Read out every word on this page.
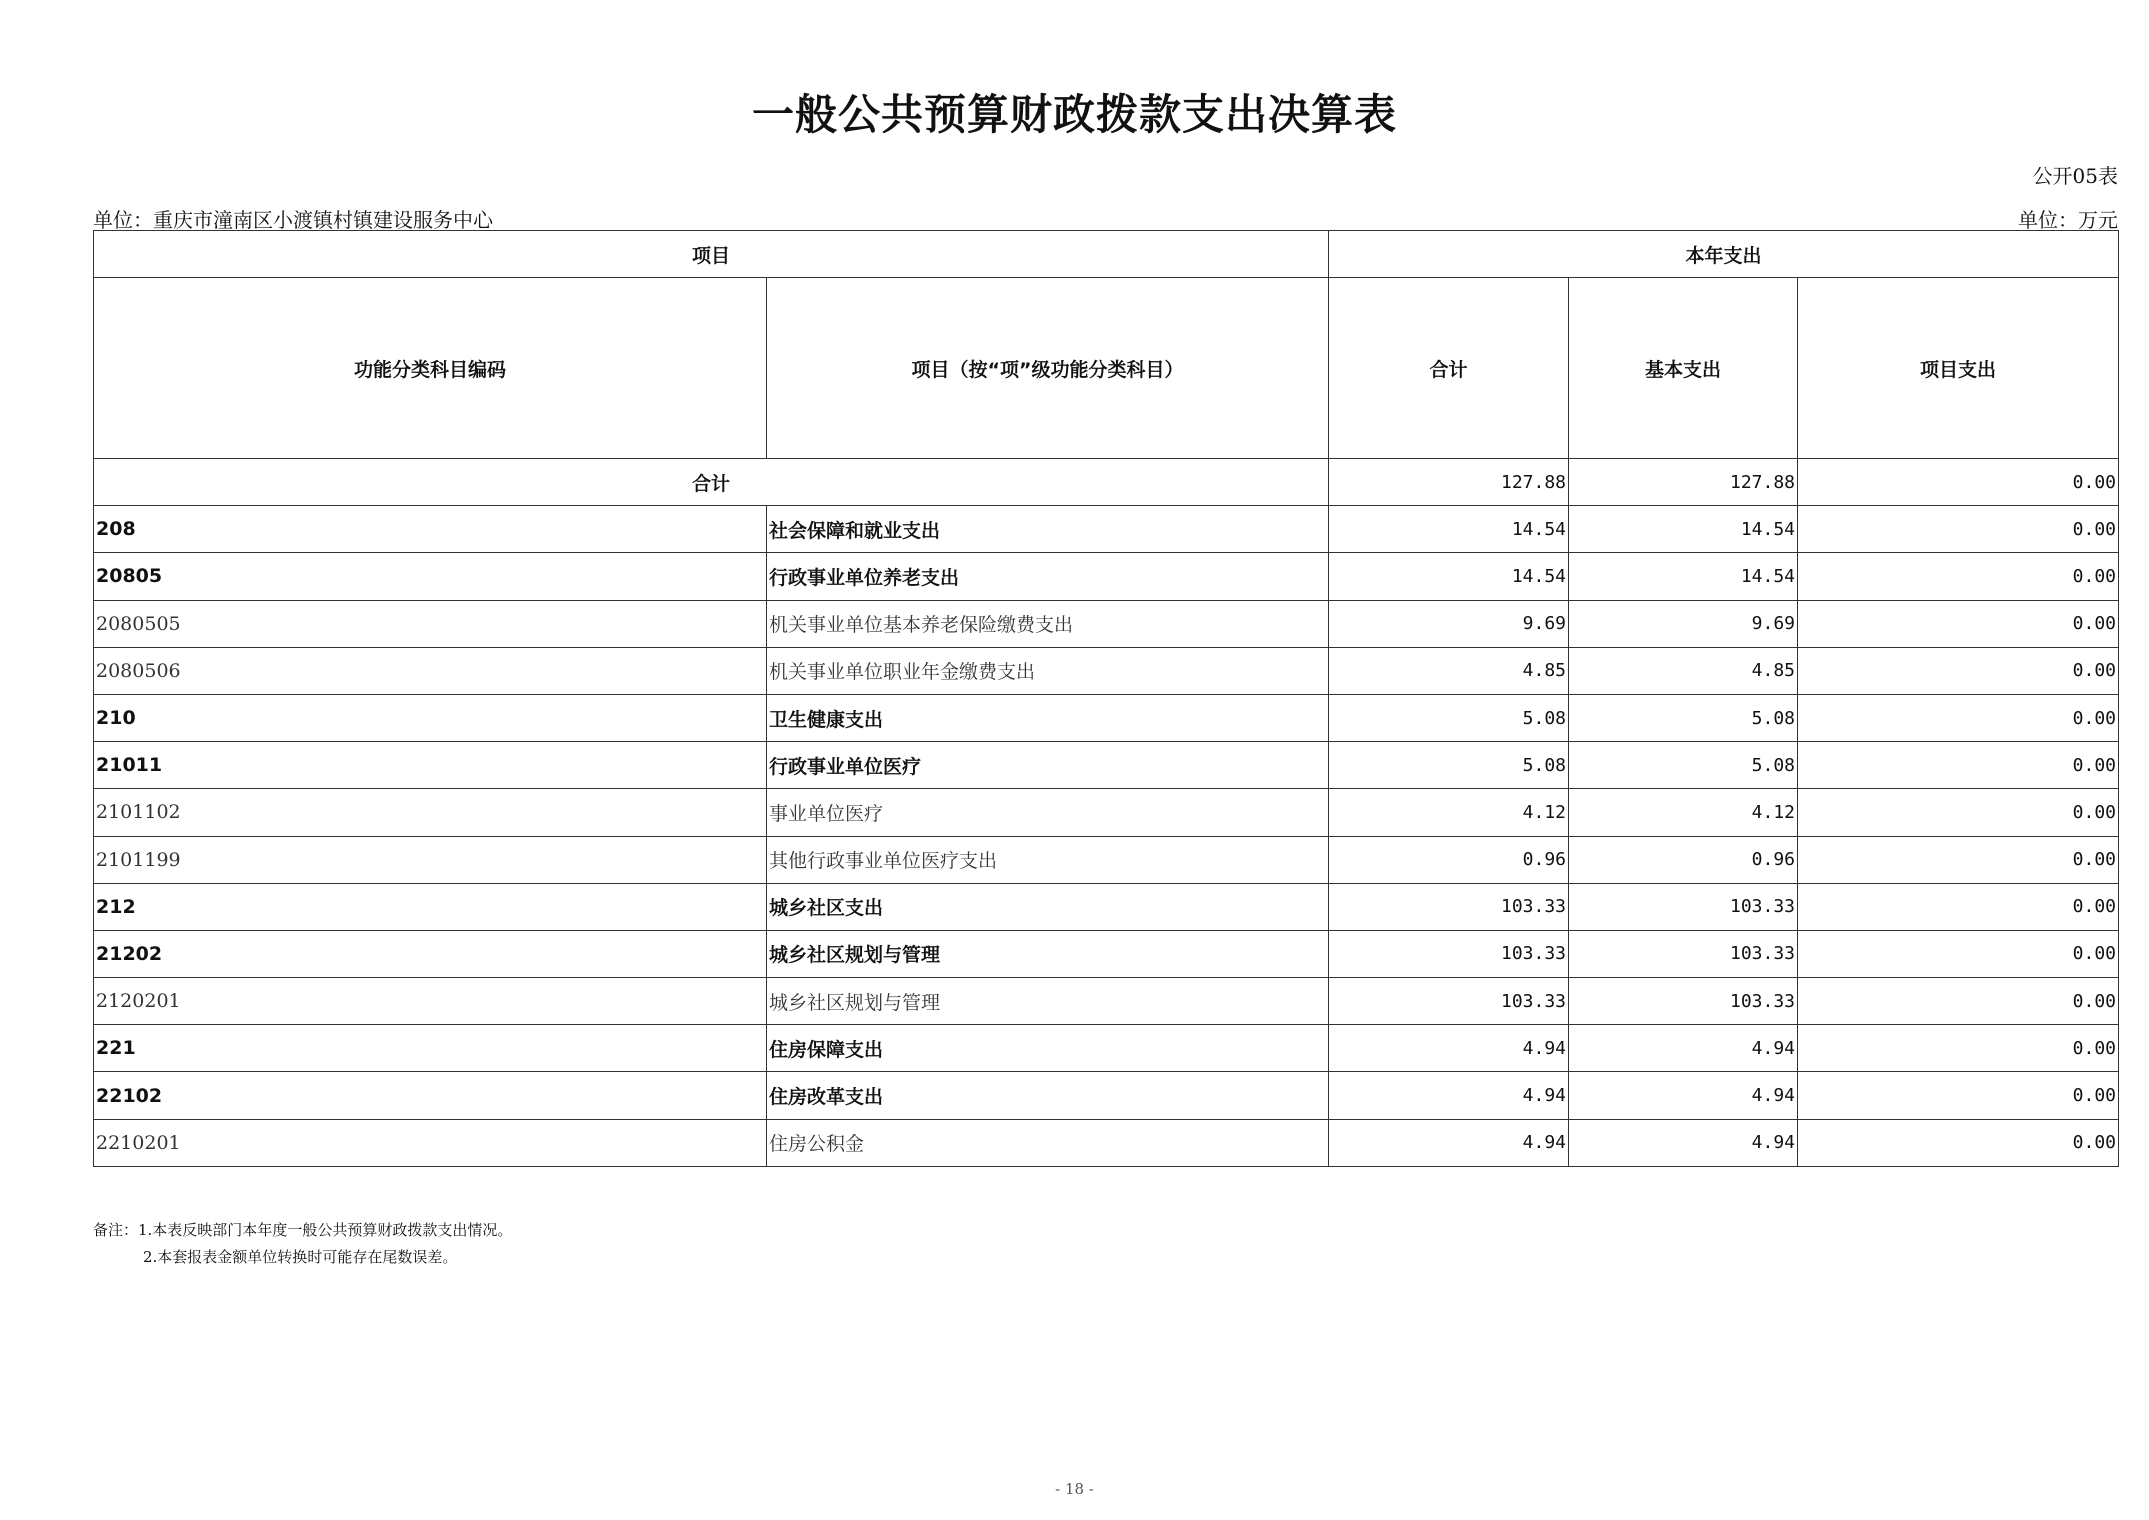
一般公共预算财政拨款支出决算表
公开05表
单位：重庆市潼南区小渡镇村镇建设服务中心	单位：万元
项目		本年支出		
功能分类科目编码	项目（按“项”级功能分类科目）	合计	基本支出	项目支出
合计		127.88	127.88	0.00
208	社会保障和就业支出	14.54	14.54	0.00
20805	行政事业单位养老支出	14.54	14.54	0.00
2080505	机关事业单位基本养老保险缴费支出	9.69	9.69	0.00
2080506	机关事业单位职业年金缴费支出	4.85	4.85	0.00
210	卫生健康支出	5.08	5.08	0.00
21011	行政事业单位医疗	5.08	5.08	0.00
2101102	事业单位医疗	4.12	4.12	0.00
2101199	其他行政事业单位医疗支出	0.96	0.96	0.00
212	城乡社区支出	103.33	103.33	0.00
21202	城乡社区规划与管理	103.33	103.33	0.00
2120201	城乡社区规划与管理	103.33	103.33	0.00
221	住房保障支出	4.94	4.94	0.00
22102	住房改革支出	4.94	4.94	0.00
2210201	住房公积金	4.94	4.94	0.00
备注：1.本表反映部门本年度一般公共预算财政拨款支出情况。
2.本套报表金额单位转换时可能存在尾数误差。
- 18 -
